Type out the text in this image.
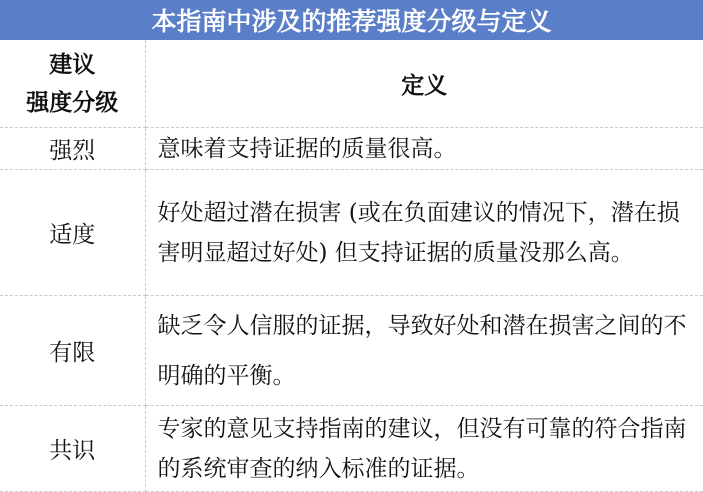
本指南中涉及的推荐强度分级与定义
建议
强度分级	定义
强烈	意味着支持证据的质量很高。
适度	好处超过潜在损害 (或在负面建议的情况下，潜在损害明显超过好处) 但支持证据的质量没那么高。
有限	缺乏令人信服的证据，导致好处和潜在损害之间的不明确的平衡。
共识	专家的意见支持指南的建议，但没有可靠的符合指南的系统审查的纳入标准的证据。
